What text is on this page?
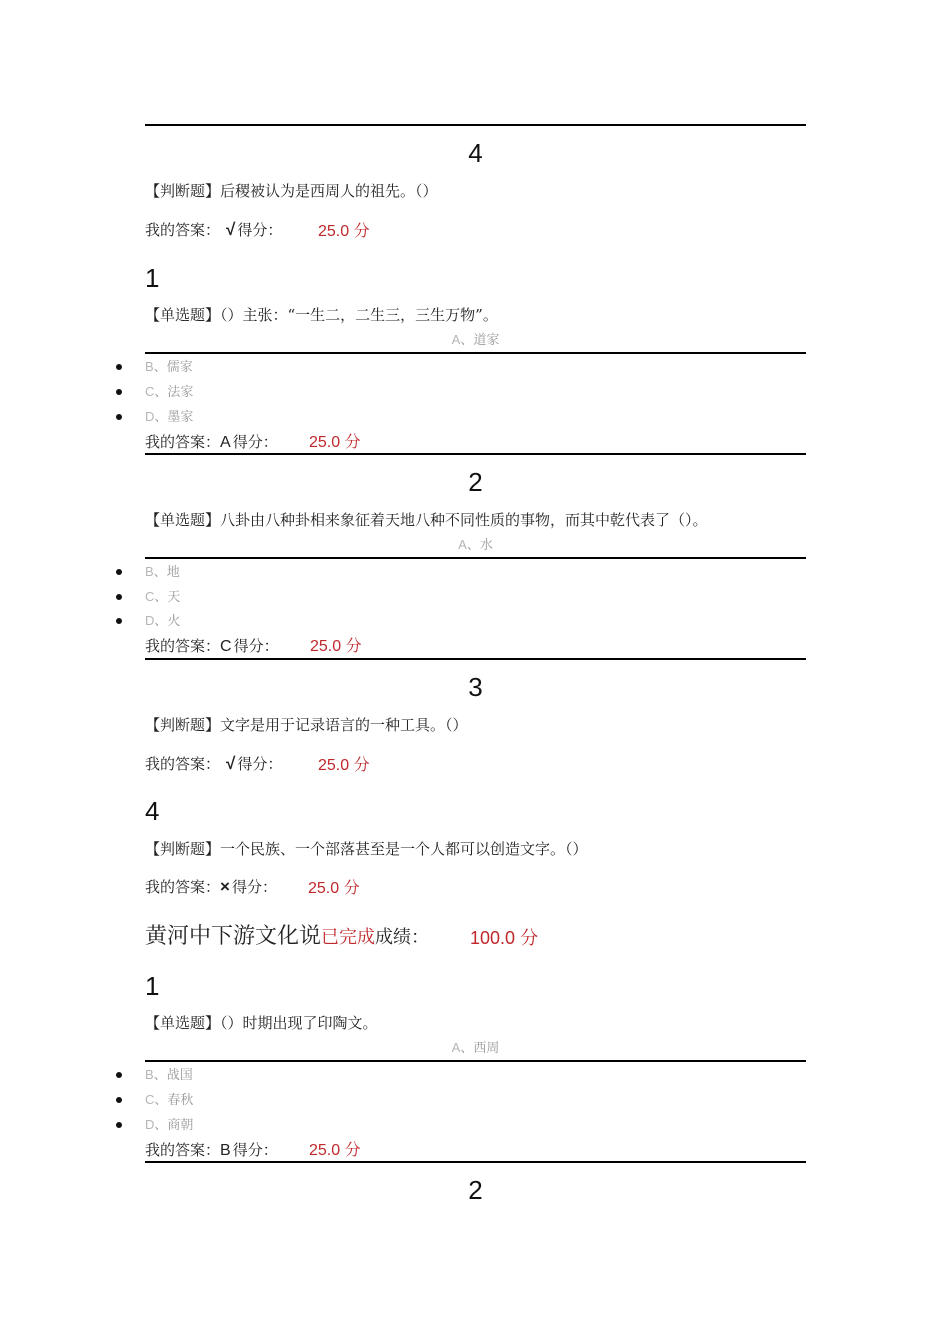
4
【判断题】后稷被认为是西周人的祖先。（）
我的答案： √ 得分： 25.0 分
1
【单选题】（）主张：“一生二，二生三，三生万物”。
A、道家
B、儒家
C、法家
D、墨家
我的答案：A 得分： 25.0 分
2
【单选题】八卦由八种卦相来象征着天地八种不同性质的事物，而其中乾代表了（）。
A、水
B、地
C、天
D、火
我的答案：C 得分： 25.0 分
3
【判断题】文字是用于记录语言的一种工具。（）
我的答案： √ 得分： 25.0 分
4
【判断题】一个民族、一个部落甚至是一个人都可以创造文字。（）
我的答案：× 得分： 25.0 分
黄河中下游文化说已完成成绩： 100.0 分
1
【单选题】（）时期出现了印陶文。
A、西周
B、战国
C、春秋
D、商朝
我的答案：B 得分： 25.0 分
2
